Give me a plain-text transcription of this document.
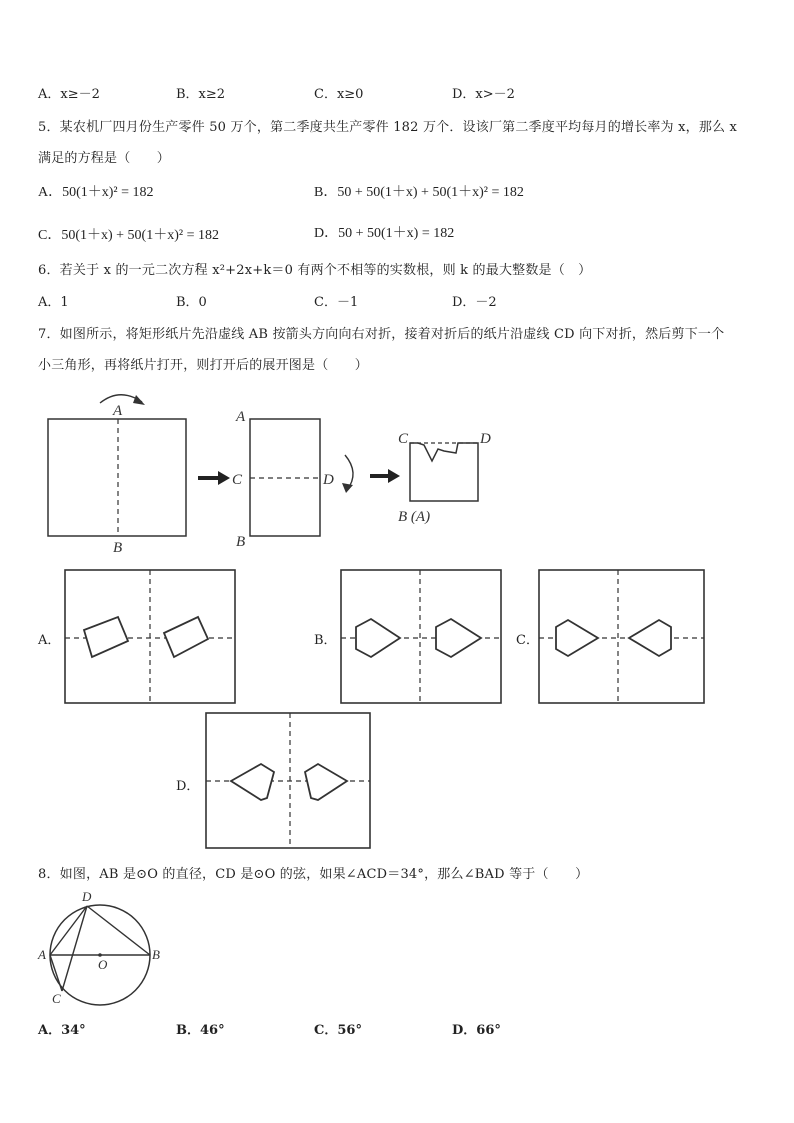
A．x≥－2	B．x≥2	C．x≥0	D．x>－2
5．某农机厂四月份生产零件 50 万个，第二季度共生产零件 182 万个．设该厂第二季度平均每月的增长率为 x，那么 x
满足的方程是（　　）
A．50(1＋x)² = 182	B．50 + 50(1＋x) + 50(1＋x)² = 182
C．50(1＋x) + 50(1＋x)² = 182	D．50 + 50(1＋x) = 182
6．若关于 x 的一元二次方程 x²+2x+k＝0 有两个不相等的实数根，则 k 的最大整数是（　）
A．1	B．0	C．－1	D．－2
7．如图所示，将矩形纸片先沿虚线 AB 按箭头方向向右对折，接着对折后的纸片沿虚线 CD 向下对折，然后剪下一个
小三角形，再将纸片打开，则打开后的展开图是（　　）
A
B
A
B
C	D
C	D
B (A)
A．	B．	C．
D．
8．如图，AB 是⊙O 的直径，CD 是⊙O 的弦，如果∠ACD＝34°，那么∠BAD 等于（　　）
D
A	B
O
C
A．34°	B．46°	C．56°	D．66°
